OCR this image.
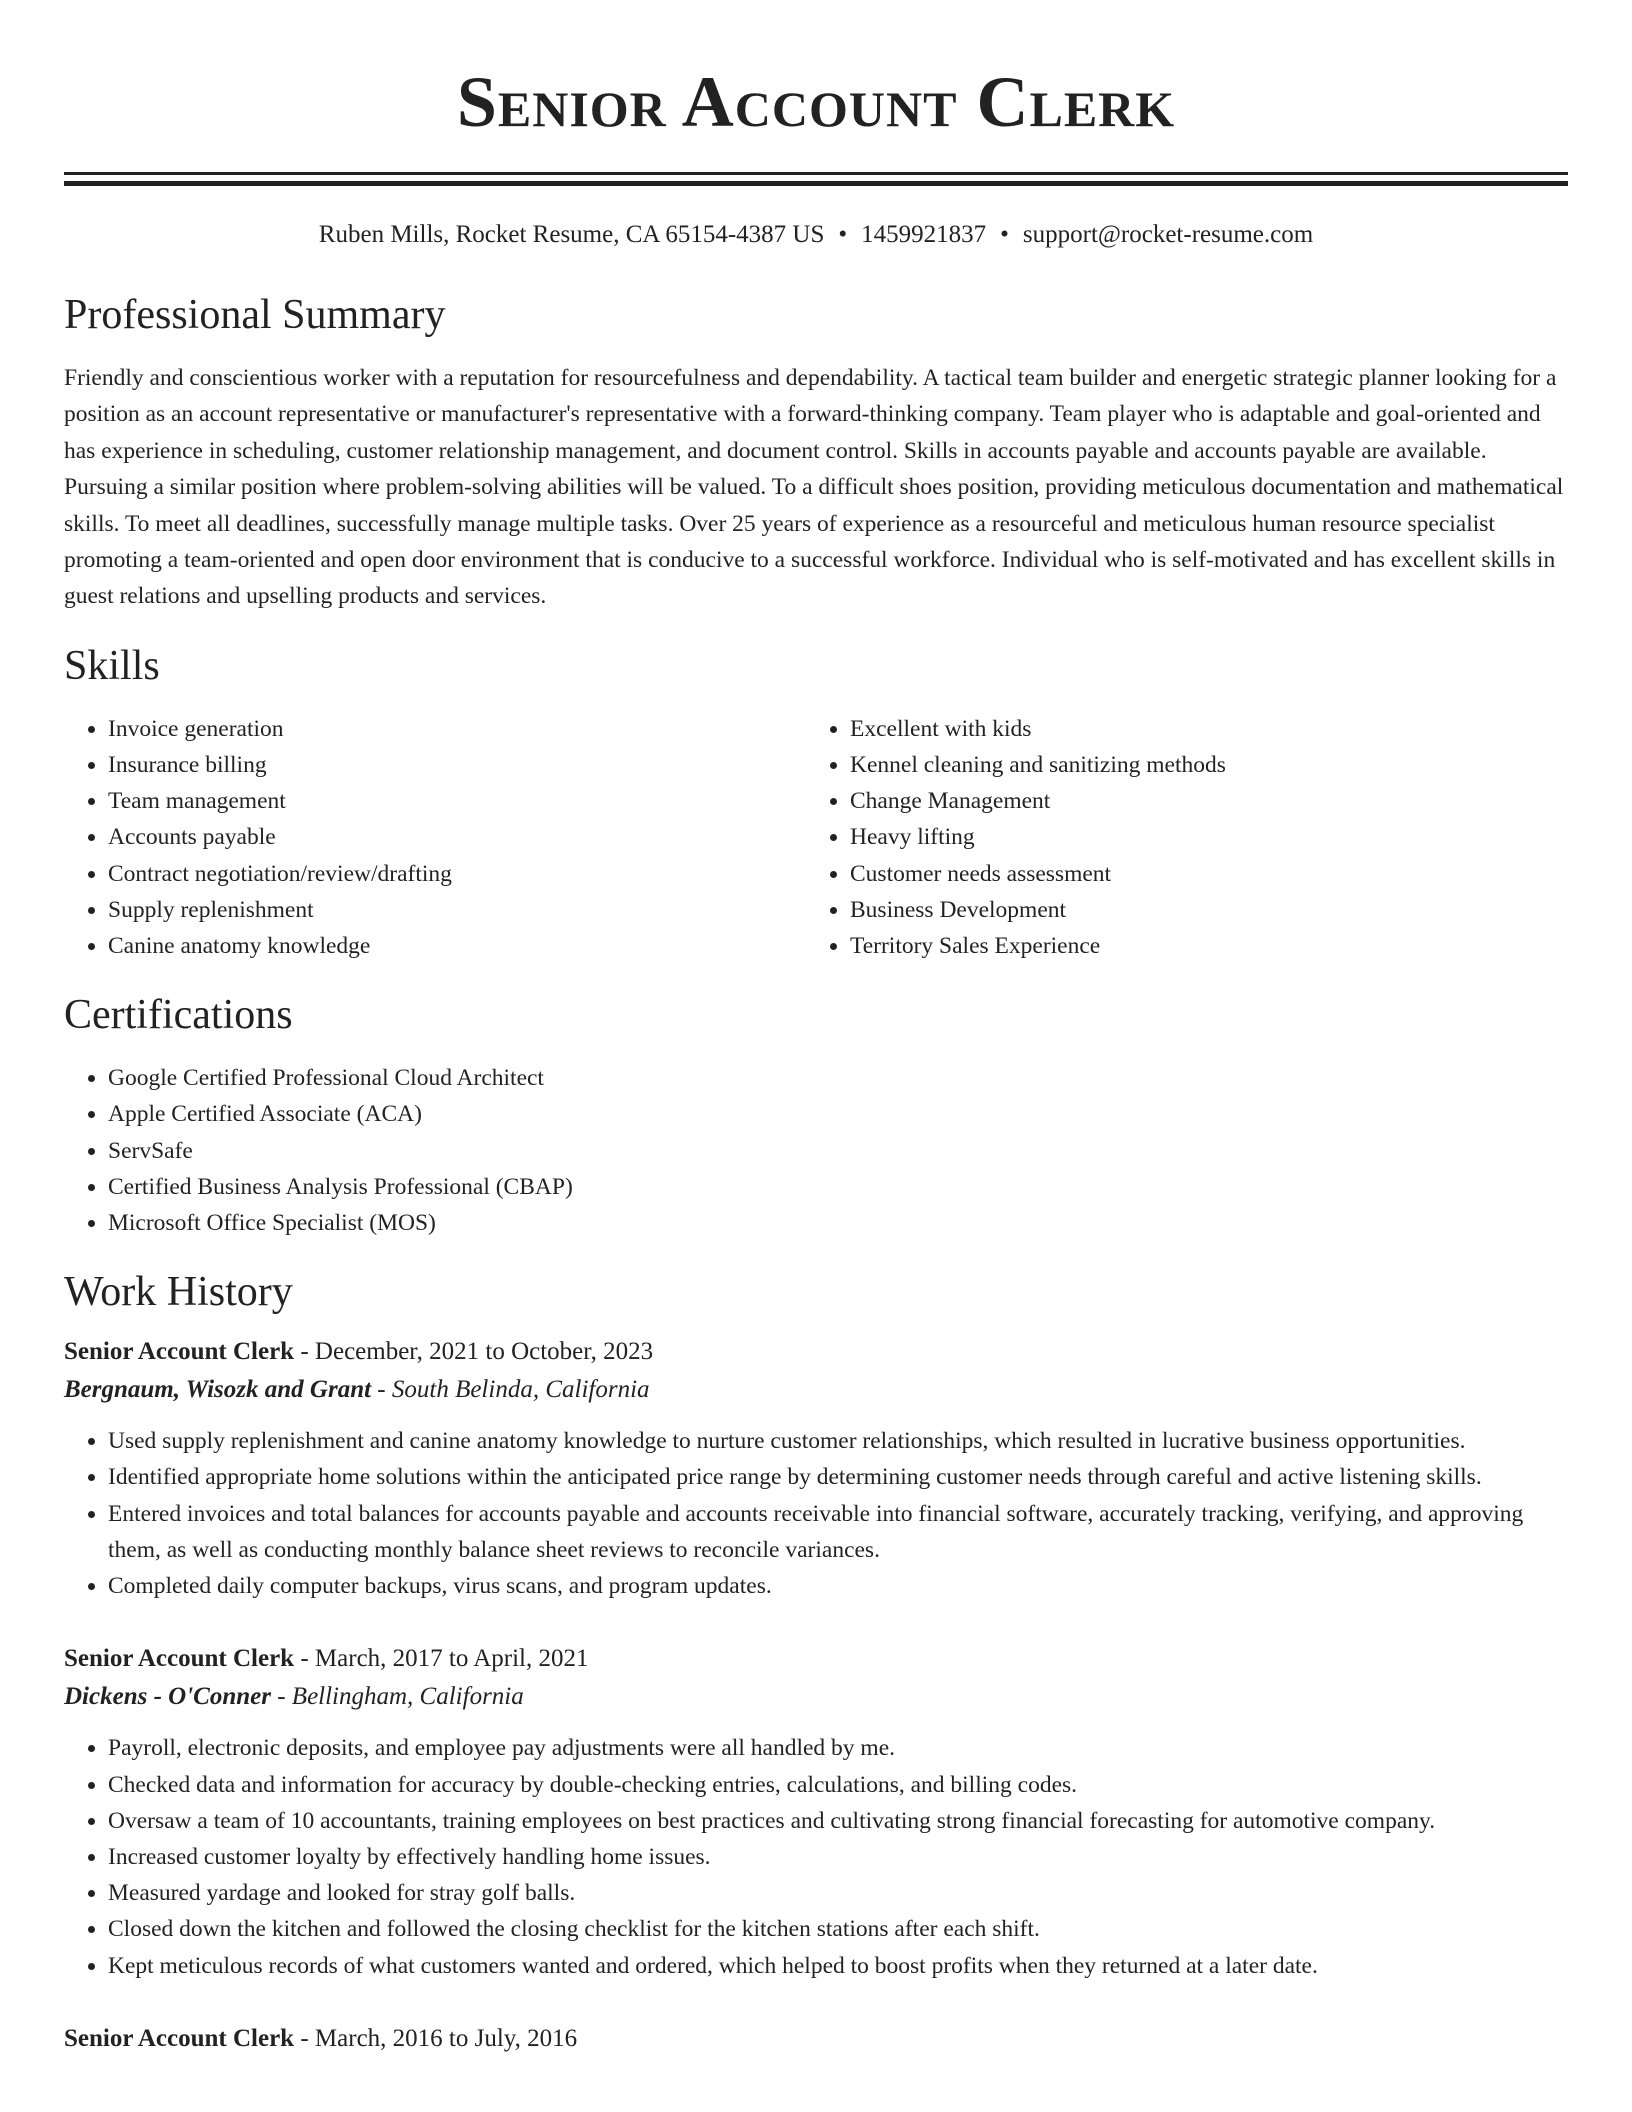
Senior Account Clerk
Ruben Mills, Rocket Resume, CA 65154-4387 US • 1459921837 • support@rocket-resume.com
Professional Summary

Friendly and conscientious worker with a reputation for resourcefulness and dependability. A tactical team builder and energetic strategic planner looking for a position as an account representative or manufacturer's representative with a forward-thinking company. Team player who is adaptable and goal-oriented and has experience in scheduling, customer relationship management, and document control. Skills in accounts payable and accounts payable are available. Pursuing a similar position where problem-solving abilities will be valued. To a difficult shoes position, providing meticulous documentation and mathematical skills. To meet all deadlines, successfully manage multiple tasks. Over 25 years of experience as a resourceful and meticulous human resource specialist promoting a team-oriented and open door environment that is conducive to a successful workforce. Individual who is self-motivated and has excellent skills in guest relations and upselling products and services.

Skills
• Invoice generation
• Insurance billing
• Team management
• Accounts payable
• Contract negotiation/review/drafting
• Supply replenishment
• Canine anatomy knowledge
• Excellent with kids
• Kennel cleaning and sanitizing methods
• Change Management
• Heavy lifting
• Customer needs assessment
• Business Development
• Territory Sales Experience
Certifications
• Google Certified Professional Cloud Architect
• Apple Certified Associate (ACA)
• ServSafe
• Certified Business Analysis Professional (CBAP)
• Microsoft Office Specialist (MOS)
Work History
Senior Account Clerk - December, 2021 to October, 2023
Bergnaum, Wisozk and Grant - South Belinda, California
• Used supply replenishment and canine anatomy knowledge to nurture customer relationships, which resulted in lucrative business opportunities.
• Identified appropriate home solutions within the anticipated price range by determining customer needs through careful and active listening skills.
• Entered invoices and total balances for accounts payable and accounts receivable into financial software, accurately tracking, verifying, and approving them, as well as conducting monthly balance sheet reviews to reconcile variances.
• Completed daily computer backups, virus scans, and program updates.
Senior Account Clerk - March, 2017 to April, 2021
Dickens - O'Conner - Bellingham, California
• Payroll, electronic deposits, and employee pay adjustments were all handled by me.
• Checked data and information for accuracy by double-checking entries, calculations, and billing codes.
• Oversaw a team of 10 accountants, training employees on best practices and cultivating strong financial forecasting for automotive company.
• Increased customer loyalty by effectively handling home issues.
• Measured yardage and looked for stray golf balls.
• Closed down the kitchen and followed the closing checklist for the kitchen stations after each shift.
• Kept meticulous records of what customers wanted and ordered, which helped to boost profits when they returned at a later date.
Senior Account Clerk - March, 2016 to July, 2016
